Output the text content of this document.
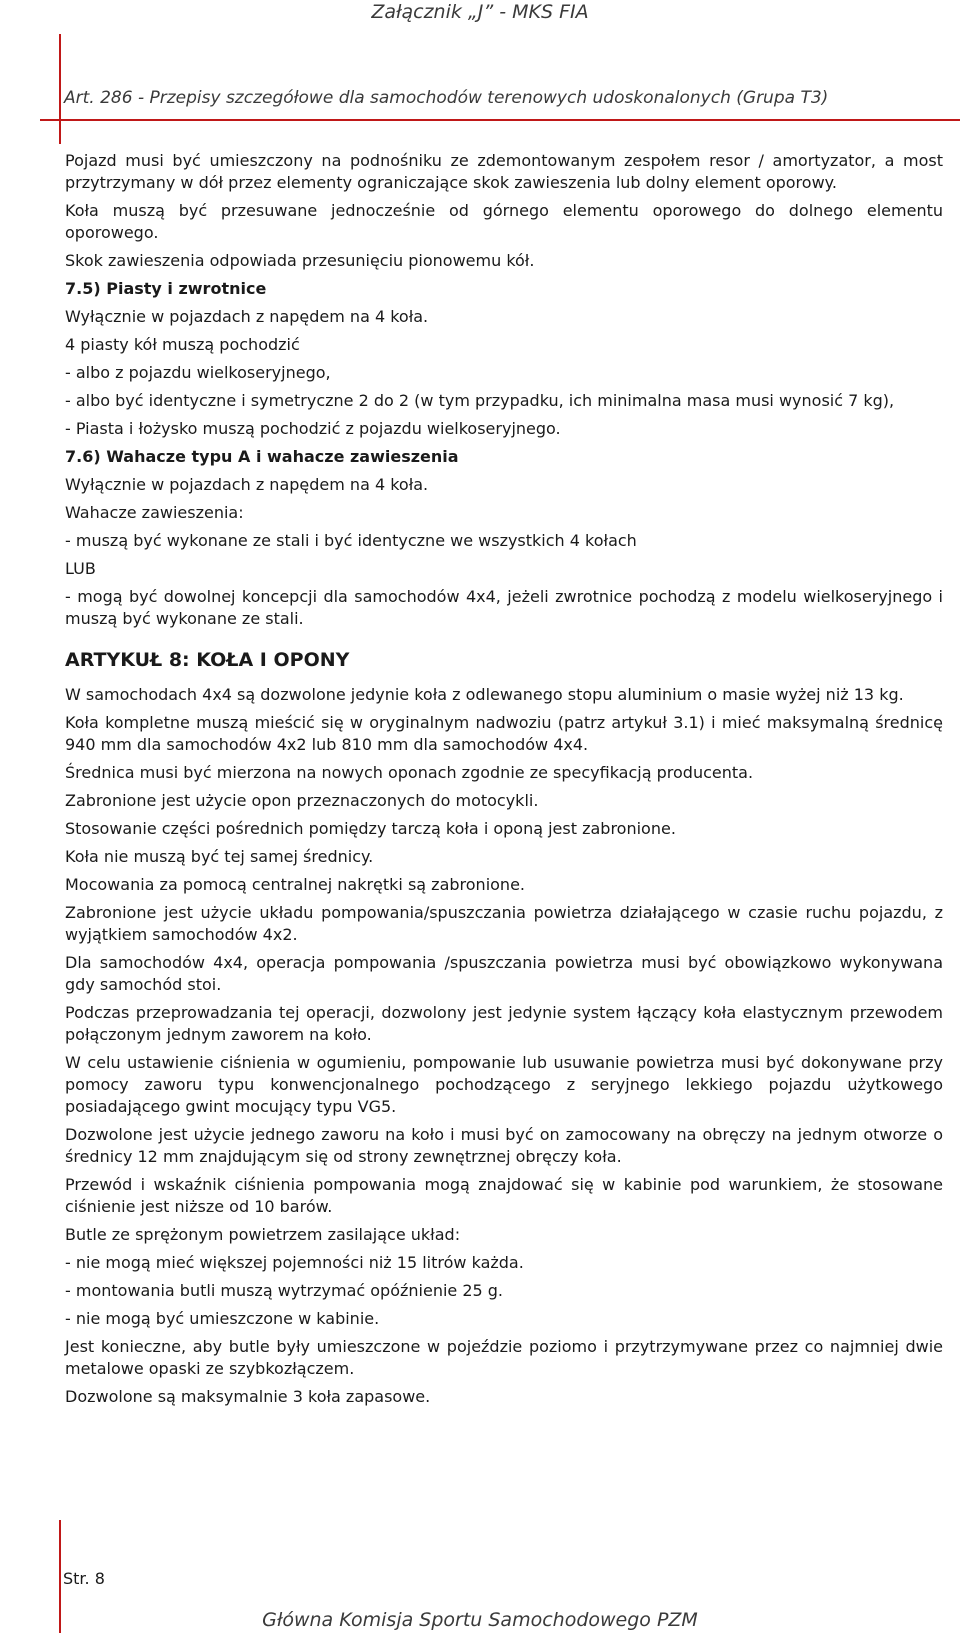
Załącznik „J” - MKS FIA
Art. 286 - Przepisy szczegółowe dla samochodów terenowych udoskonalonych (Grupa T3)

Pojazd musi być umieszczony na podnośniku ze zdemontowanym zespołem resor / amortyzator, a most przytrzymany w dół przez elementy ograniczające skok zawieszenia lub dolny element oporowy.

Koła muszą być przesuwane jednocześnie od górnego elementu oporowego do dolnego elementu oporowego.

Skok zawieszenia odpowiada przesunięciu pionowemu kół.

7.5) Piasty i zwrotnice

Wyłącznie w pojazdach z napędem na 4 koła.

4 piasty kół muszą pochodzić

- albo z pojazdu wielkoseryjnego,

- albo być identyczne i symetryczne 2 do 2 (w tym przypadku, ich minimalna masa musi wynosić 7 kg),

- Piasta i łożysko muszą pochodzić z pojazdu wielkoseryjnego.

7.6) Wahacze typu A i wahacze zawieszenia

Wyłącznie w pojazdach z napędem na 4 koła.

Wahacze zawieszenia:

- muszą być wykonane ze stali i być identyczne we wszystkich 4 kołach

LUB

- mogą być dowolnej koncepcji dla samochodów 4x4, jeżeli zwrotnice pochodzą z modelu wielkoseryjnego i muszą być wykonane ze stali.

ARTYKUŁ 8: KOŁA I OPONY

W samochodach 4x4 są dozwolone jedynie koła z odlewanego stopu aluminium o masie wyżej niż 13 kg.

Koła kompletne muszą mieścić się w oryginalnym nadwoziu (patrz artykuł 3.1) i mieć maksymalną średnicę 940 mm dla samochodów 4x2 lub 810 mm dla samochodów 4x4.

Średnica musi być mierzona na nowych oponach zgodnie ze specyfikacją producenta.

Zabronione jest użycie opon przeznaczonych do motocykli.

Stosowanie części pośrednich pomiędzy tarczą koła i oponą jest zabronione.

Koła nie muszą być tej samej średnicy.

Mocowania za pomocą centralnej nakrętki są zabronione.

Zabronione jest użycie układu pompowania/spuszczania powietrza działającego w czasie ruchu pojazdu, z wyjątkiem samochodów 4x2.

Dla samochodów 4x4, operacja pompowania /spuszczania powietrza musi być obowiązkowo wykonywana gdy samochód stoi.

Podczas przeprowadzania tej operacji, dozwolony jest jedynie system łączący koła elastycznym przewodem połączonym jednym zaworem na koło.

W celu ustawienie ciśnienia w ogumieniu, pompowanie lub usuwanie powietrza musi być dokonywane przy pomocy zaworu typu konwencjonalnego pochodzącego z seryjnego lekkiego pojazdu użytkowego posiadającego gwint mocujący typu VG5.

Dozwolone jest użycie jednego zaworu na koło i musi być on zamocowany na obręczy na jednym otworze o średnicy 12 mm znajdującym się od strony zewnętrznej obręczy koła.

Przewód i wskaźnik ciśnienia pompowania mogą znajdować się w kabinie pod warunkiem, że stosowane ciśnienie jest niższe od 10 barów.

Butle ze sprężonym powietrzem zasilające układ:

- nie mogą mieć większej pojemności niż 15 litrów każda.

- montowania butli muszą wytrzymać opóźnienie 25 g.

- nie mogą być umieszczone w kabinie.

Jest konieczne, aby butle były umieszczone w pojeździe poziomo i przytrzymywane przez co najmniej dwie metalowe opaski ze szybkozłączem.

Dozwolone są maksymalnie 3 koła zapasowe.

Str. 8
Główna Komisja Sportu Samochodowego PZM
